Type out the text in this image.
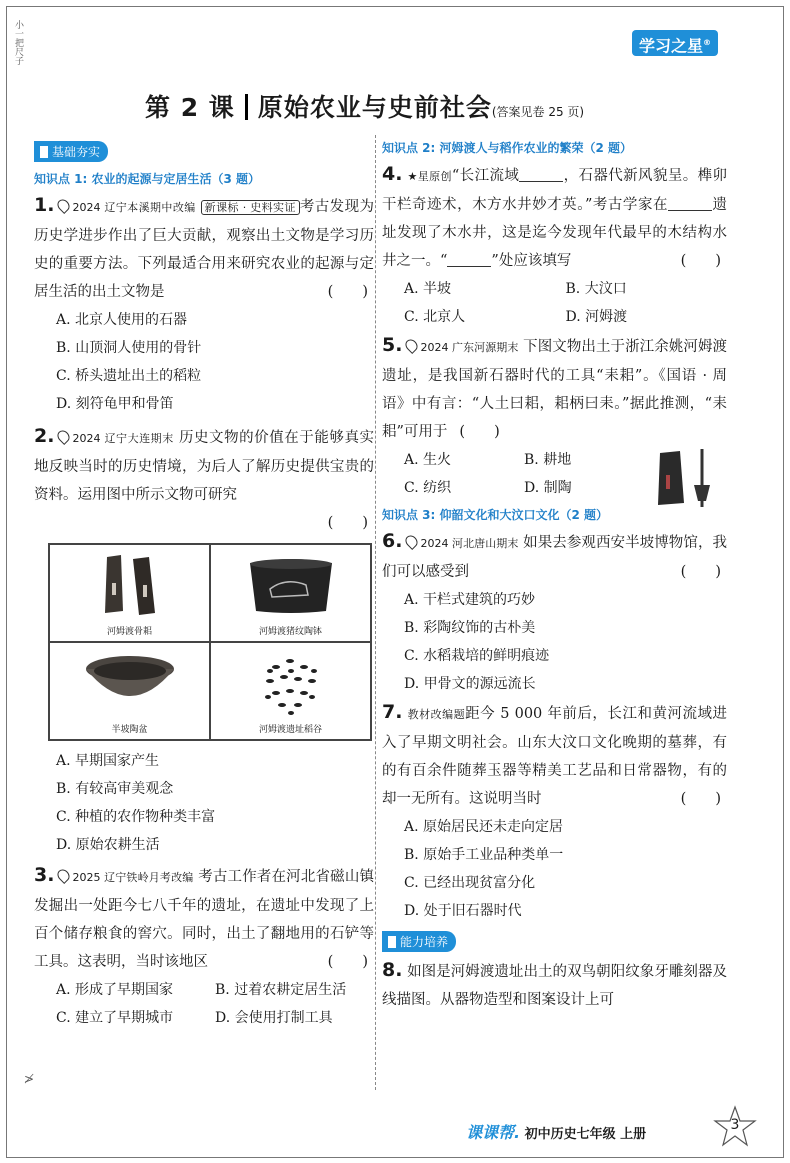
小一把尺子	学习之星®
第 2 课 原始农业与史前社会(答案见卷 25 页)
基础夯实
知识点 1: 农业的起源与定居生活（3 题）
1. 2024 辽宁本溪期中改编 新课标 · 史料实证 考古发现为历史学进步作出了巨大贡献，观察出土文物是学习历史的重要方法。下列最适合用来研究农业的起源与定居生活的出土文物是	(　　)
A. 北京人使用的石器
B. 山顶洞人使用的骨针
C. 桥头遗址出土的稻粒
D. 刻符龟甲和骨笛
2. 2024 辽宁大连期末 历史文物的价值在于能够真实地反映当时的历史情境，为后人了解历史提供宝贵的资料。运用图中所示文物可研究
(　　)
河姆渡骨耜	河姆渡猪纹陶钵
半坡陶盆	河姆渡遗址稻谷
A. 早期国家产生
B. 有较高审美观念
C. 种植的农作物种类丰富
D. 原始农耕生活
3. 2025 辽宁铁岭月考改编 考古工作者在河北省磁山镇发掘出一处距今七八千年的遗址，在遗址中发现了上百个储存粮食的窖穴。同时，出土了翻地用的石铲等工具。这表明，当时该地区	(　　)
A. 形成了早期国家	B. 过着农耕定居生活
C. 建立了早期城市	D. 会使用打制工具
知识点 2: 河姆渡人与稻作农业的繁荣（2 题）
4. ★星原创“长江流域	，石器代新风貌呈。榫卯干栏奇迹术，木方水井妙才英。”考古学家在	遗址发现了木水井，这是迄今发现年代最早的木结构水井之一。“	”处应该填写	(　　)
A. 半坡	B. 大汶口
C. 北京人	D. 河姆渡
5. 2024 广东河源期末 下图文物出土于浙江余姚河姆渡遗址，是我国新石器时代的工具“耒耜”。《国语 · 周语》中有言：“人土曰耜，耜柄曰耒。”据此推测，“耒耜”可用于 (　　)
A. 生火	B. 耕地
C. 纺织	D. 制陶
知识点 3: 仰韶文化和大汶口文化（2 题）
6. 2024 河北唐山期末 如果去参观西安半坡博物馆，我们可以感受到	(　　)
A. 干栏式建筑的巧妙
B. 彩陶纹饰的古朴美
C. 水稻栽培的鲜明痕迹
D. 甲骨文的源远流长
7. 教材改编题距今 5 000 年前后，长江和黄河流域进入了早期文明社会。山东大汶口文化晚期的墓葬，有的有百余件随葬玉器等精美工艺品和日常器物，有的却一无所有。这说明当时	(　　)
A. 原始居民还未走向定居
B. 原始手工业品种类单一
C. 已经出现贫富分化
D. 处于旧石器时代
能力培养
8. 如图是河姆渡遗址出土的双鸟朝阳纹象牙雕刻器及线描图。从器物造型和图案设计上可
≯
课课帮. 初中历史七年级 上册
3
